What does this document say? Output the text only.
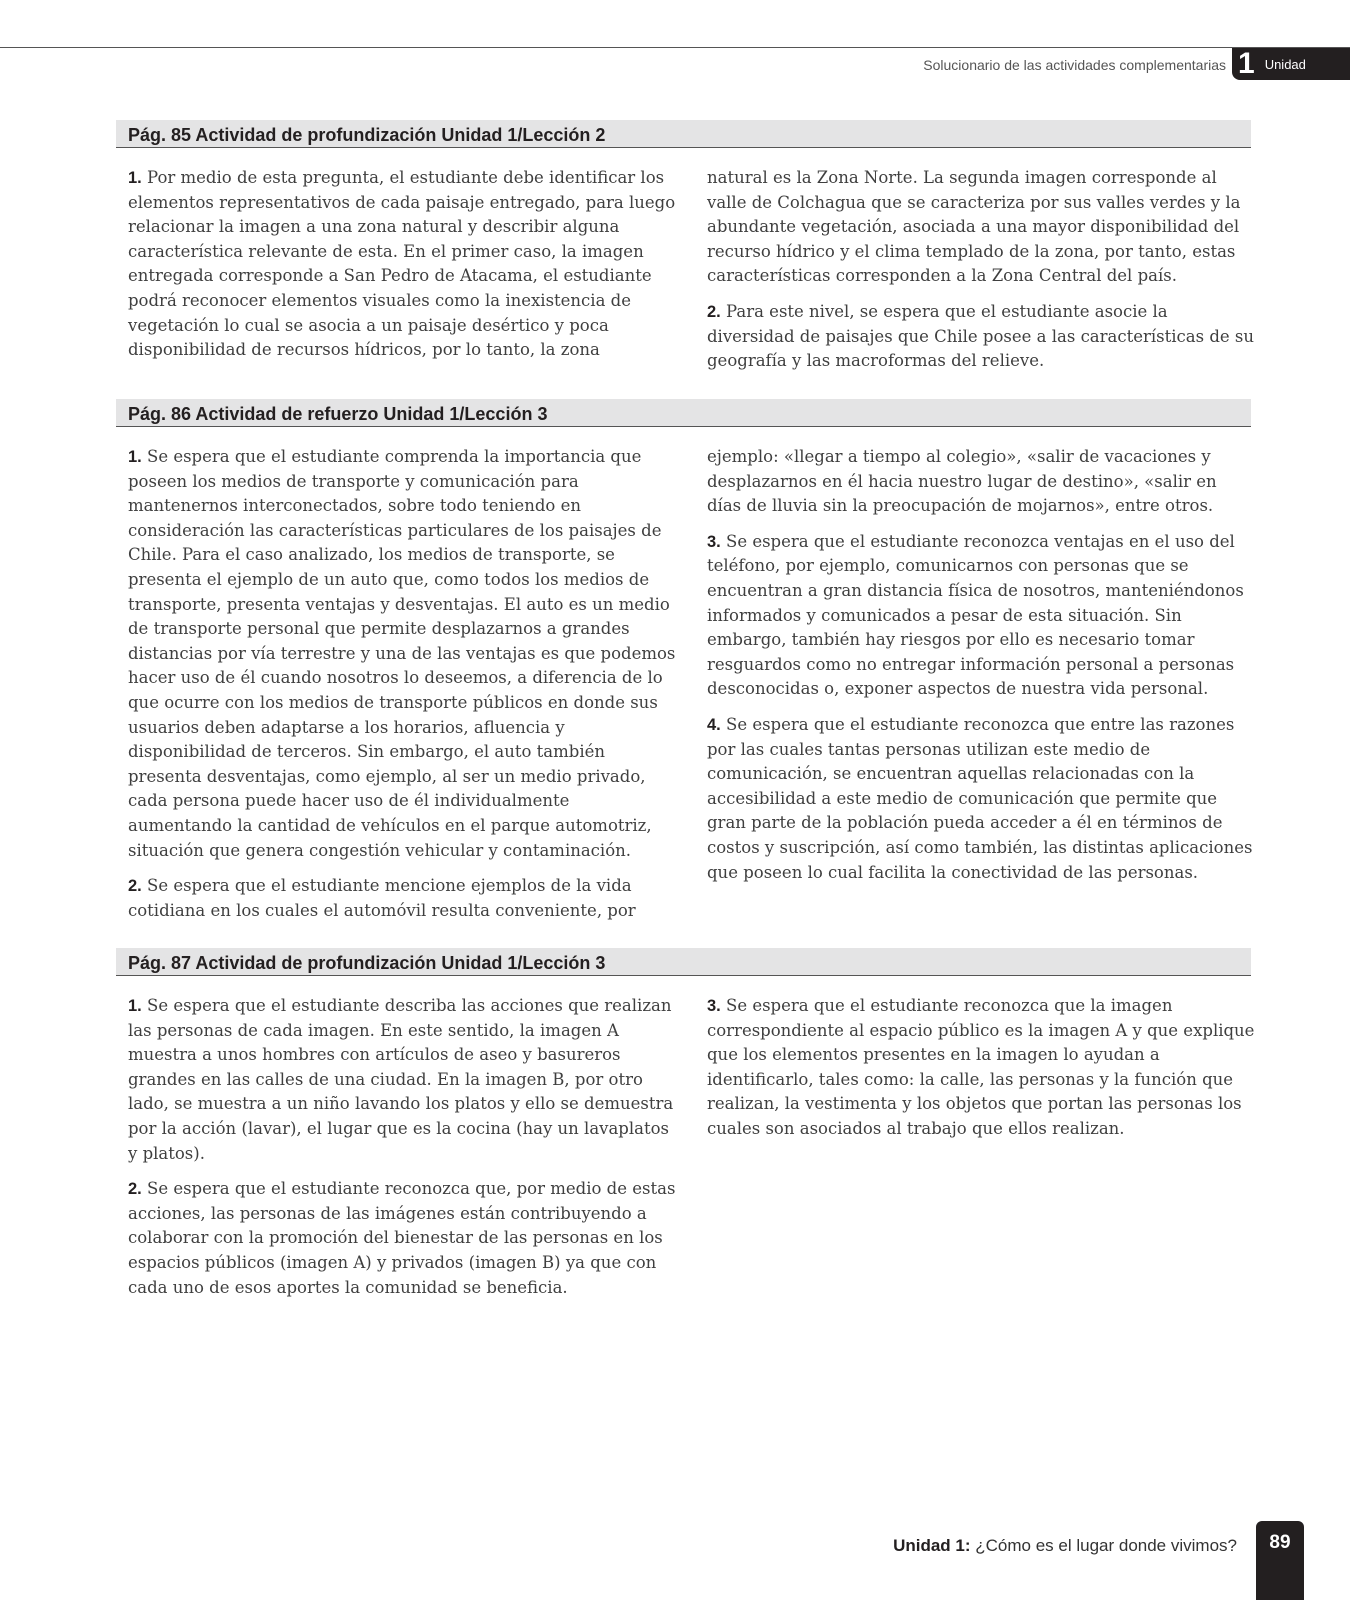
Solucionario de las actividades complementarias 1 Unidad
Pág. 85 Actividad de profundización Unidad 1/Lección 2

1. Por medio de esta pregunta, el estudiante debe identificar los elementos representativos de cada paisaje entregado, para luego relacionar la imagen a una zona natural y describir alguna característica relevante de esta. En el primer caso, la imagen entregada corresponde a San Pedro de Atacama, el estudiante podrá reconocer elementos visuales como la inexistencia de vegetación lo cual se asocia a un paisaje desértico y poca disponibilidad de recursos hídricos, por lo tanto, la zona

natural es la Zona Norte. La segunda imagen corresponde al valle de Colchagua que se caracteriza por sus valles verdes y la abundante vegetación, asociada a una mayor disponibilidad del recurso hídrico y el clima templado de la zona, por tanto, estas características corresponden a la Zona Central del país.

2. Para este nivel, se espera que el estudiante asocie la diversidad de paisajes que Chile posee a las características de su geografía y las macroformas del relieve.

Pág. 86 Actividad de refuerzo Unidad 1/Lección 3

1. Se espera que el estudiante comprenda la importancia que poseen los medios de transporte y comunicación para mantenernos interconectados, sobre todo teniendo en consideración las características particulares de los paisajes de Chile. Para el caso analizado, los medios de transporte, se presenta el ejemplo de un auto que, como todos los medios de transporte, presenta ventajas y desventajas. El auto es un medio de transporte personal que permite desplazarnos a grandes distancias por vía terrestre y una de las ventajas es que podemos hacer uso de él cuando nosotros lo deseemos, a diferencia de lo que ocurre con los medios de transporte públicos en donde sus usuarios deben adaptarse a los horarios, afluencia y disponibilidad de terceros. Sin embargo, el auto también presenta desventajas, como ejemplo, al ser un medio privado, cada persona puede hacer uso de él individualmente aumentando la cantidad de vehículos en el parque automotriz, situación que genera congestión vehicular y contaminación.

2. Se espera que el estudiante mencione ejemplos de la vida cotidiana en los cuales el automóvil resulta conveniente, por

ejemplo: «llegar a tiempo al colegio», «salir de vacaciones y desplazarnos en él hacia nuestro lugar de destino», «salir en días de lluvia sin la preocupación de mojarnos», entre otros.

3. Se espera que el estudiante reconozca ventajas en el uso del teléfono, por ejemplo, comunicarnos con personas que se encuentran a gran distancia física de nosotros, manteniéndonos informados y comunicados a pesar de esta situación. Sin embargo, también hay riesgos por ello es necesario tomar resguardos como no entregar información personal a personas desconocidas o, exponer aspectos de nuestra vida personal.

4. Se espera que el estudiante reconozca que entre las razones por las cuales tantas personas utilizan este medio de comunicación, se encuentran aquellas relacionadas con la accesibilidad a este medio de comunicación que permite que gran parte de la población pueda acceder a él en términos de costos y suscripción, así como también, las distintas aplicaciones que poseen lo cual facilita la conectividad de las personas.

Pág. 87 Actividad de profundización Unidad 1/Lección 3

1. Se espera que el estudiante describa las acciones que realizan las personas de cada imagen. En este sentido, la imagen A muestra a unos hombres con artículos de aseo y basureros grandes en las calles de una ciudad. En la imagen B, por otro lado, se muestra a un niño lavando los platos y ello se demuestra por la acción (lavar), el lugar que es la cocina (hay un lavaplatos y platos).

2. Se espera que el estudiante reconozca que, por medio de estas acciones, las personas de las imágenes están contribuyendo a colaborar con la promoción del bienestar de las personas en los espacios públicos (imagen A) y privados (imagen B) ya que con cada uno de esos aportes la comunidad se beneficia.

3. Se espera que el estudiante reconozca que la imagen correspondiente al espacio público es la imagen A y que explique que los elementos presentes en la imagen lo ayudan a identificarlo, tales como: la calle, las personas y la función que realizan, la vestimenta y los objetos que portan las personas los cuales son asociados al trabajo que ellos realizan.

Unidad 1: ¿Cómo es el lugar donde vivimos?	89
